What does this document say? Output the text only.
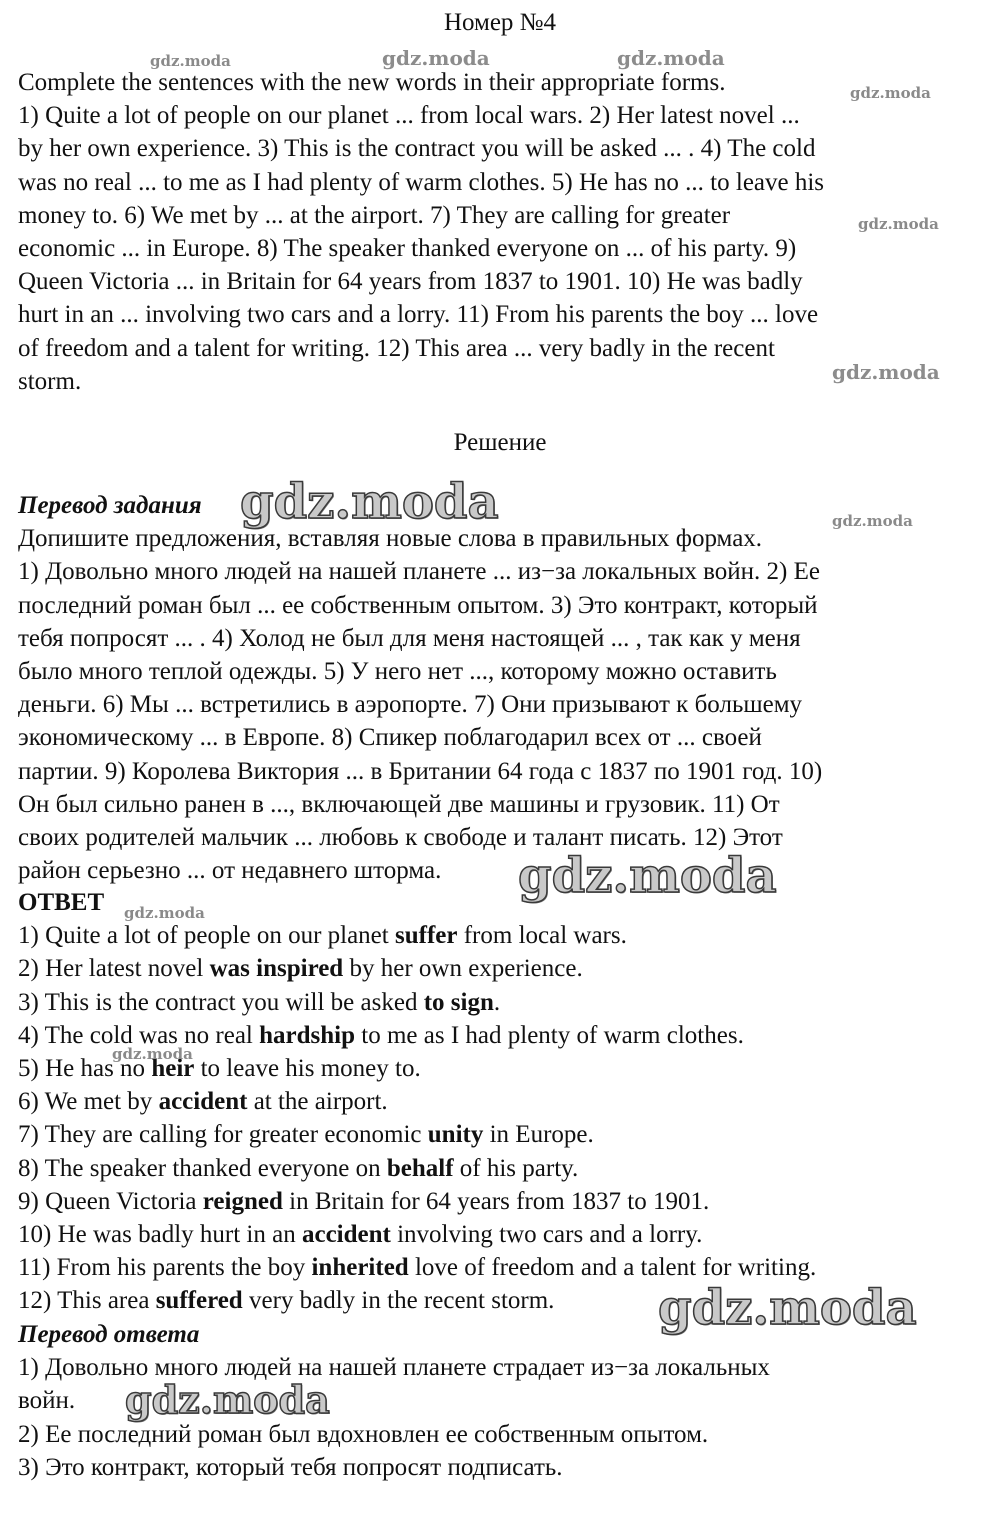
Номер №4
Complete the sentences with the new words in their appropriate forms.
1) Quite a lot of people on our planet ... from local wars. 2) Her latest novel ...
by her own experience. 3) This is the contract you will be asked ... . 4) The cold
was no real ... to me as I had plenty of warm clothes. 5) He has no ... to leave his
money to. 6) We met by ... at the airport. 7) They are calling for greater
economic ... in Europe. 8) The speaker thanked everyone on ... of his party. 9)
Queen Victoria ... in Britain for 64 years from 1837 to 1901. 10) He was badly
hurt in an ... involving two cars and a lorry. 11) From his parents the boy ... love
of freedom and a talent for writing. 12) This area ... very badly in the recent
storm.
Решение
Перевод задания
Допишите предложения, вставляя новые слова в правильных формах.
1) Довольно много людей на нашей планете ... из−за локальных войн. 2) Ее
последний роман был ... ее собственным опытом. 3) Это контракт, который
тебя попросят ... . 4) Холод не был для меня настоящей ... , так как у меня
было много теплой одежды. 5) У него нет ..., которому можно оставить
деньги. 6) Мы ... встретились в аэропорте. 7) Они призывают к большему
экономическому ... в Европе. 8) Спикер поблагодарил всех от ... своей
партии. 9) Королева Виктория ... в Британии 64 года с 1837 по 1901 год. 10)
Он был сильно ранен в ..., включающей две машины и грузовик. 11) От
своих родителей мальчик ... любовь к свободе и талант писать. 12) Этот
район серьезно ... от недавнего шторма.
ОТВЕТ
1) Quite a lot of people on our planet suffer from local wars.
2) Her latest novel was inspired by her own experience.
3) This is the contract you will be asked to sign.
4) The cold was no real hardship to me as I had plenty of warm clothes.
5) He has no heir to leave his money to.
6) We met by accident at the airport.
7) They are calling for greater economic unity in Europe.
8) The speaker thanked everyone on behalf of his party.
9) Queen Victoria reigned in Britain for 64 years from 1837 to 1901.
10) He was badly hurt in an accident involving two cars and a lorry.
11) From his parents the boy inherited love of freedom and a talent for writing.
12) This area suffered very badly in the recent storm.
Перевод ответа
1) Довольно много людей на нашей планете страдает из−за локальных
войн.
2) Ее последний роман был вдохновлен ее собственным опытом.
3) Это контракт, который тебя попросят подписать.
gdz.moda	gdz.moda	gdz.moda
gdz.moda
gdz.moda
gdz.moda
gdz.moda	gdz.moda
gdz.moda
gdz.moda
gdz.moda
gdz.moda
gdz.moda
